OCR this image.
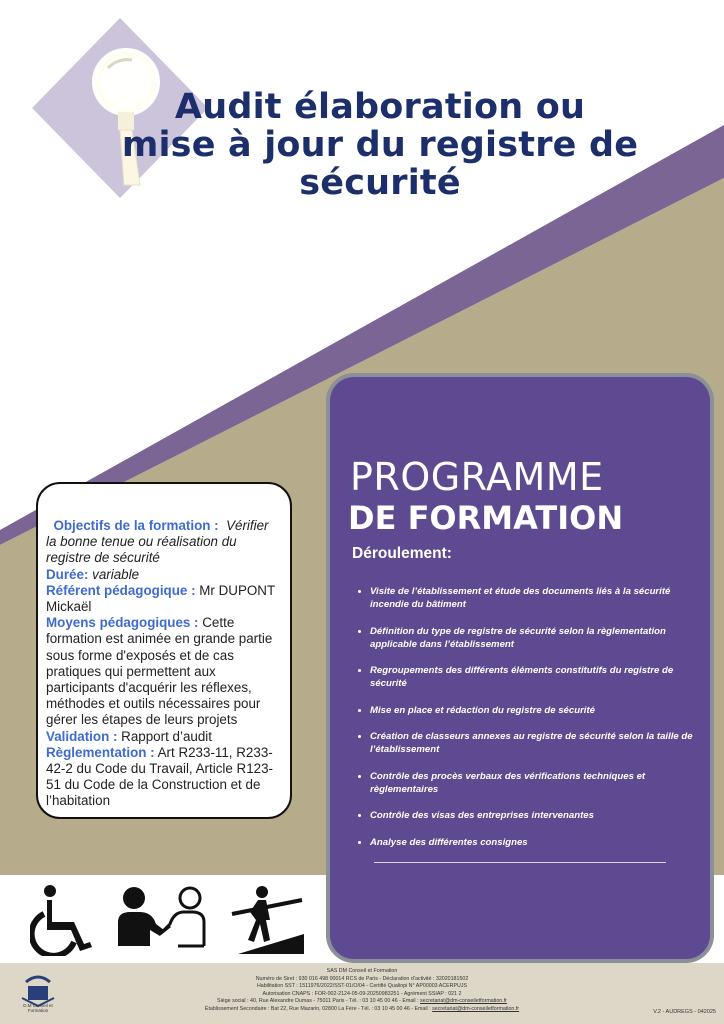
Audit élaboration ou
mise à jour du registre de
sécurité

Objectifs de la formation : Vérifier la bonne tenue ou réalisation du registre de sécurité

Durée: variable

Référent pédagogique : Mr DUPONT Mickaël

Moyens pédagogiques : Cette formation est animée en grande partie sous forme d'exposés et de cas pratiques qui permettent aux participants d'acquérir les réflexes, méthodes et outils nécessaires pour gérer les étapes de leurs projets

Validation : Rapport d’audit

Règlementation : Art R233-11, R233-42-2 du Code du Travail, Article R123-51 du Code de la Construction et de l’habitation

PROGRAMME
DE FORMATION
Déroulement:
• Visite de l’établissement et étude des documents liés à la sécurité incendie du bâtiment
• Définition du type de registre de sécurité selon la règlementation applicable dans l’établissement
• Regroupements des différents éléments constitutifs du registre de sécurité
• Mise en place et rédaction du registre de sécurité
• Création de classeurs annexes au registre de sécurité selon la taille de l’établissement
• Contrôle des procès verbaux des vérifications techniques et règlementaires
• Contrôle des visas des entreprises intervenantes
• Analyse des différentes consignes
D.M Conseil et Formation
SAS DM Conseil et Formation
Numéro de Siret : 930 016 498 00014 RCS de Paris - Déclaration d’activité : 32020181502
Habilitation SST : 1511976/2022/SST-01/O/04 - Certifié Qualiopi N° AP00003 ACERPUJS
Autorisation CNAPS : FOR-002-2124-05-09-20250983251 - Agrément SSIAP : 021 2
Siège social : 40, Rue Alexandre Dumas - 75011 Paris - Tél. : 03 10 45 00 46 - Email : secretariat@dm-conseiletformation.fr
Établissement Secondaire : Bat 22, Rue Mazarin, 02800 La Fère - Tél. : 03 10 45 00 46 - Email : secretariat@dm-conseiletformation.fr
V.2 - AUDREGS - 042025
